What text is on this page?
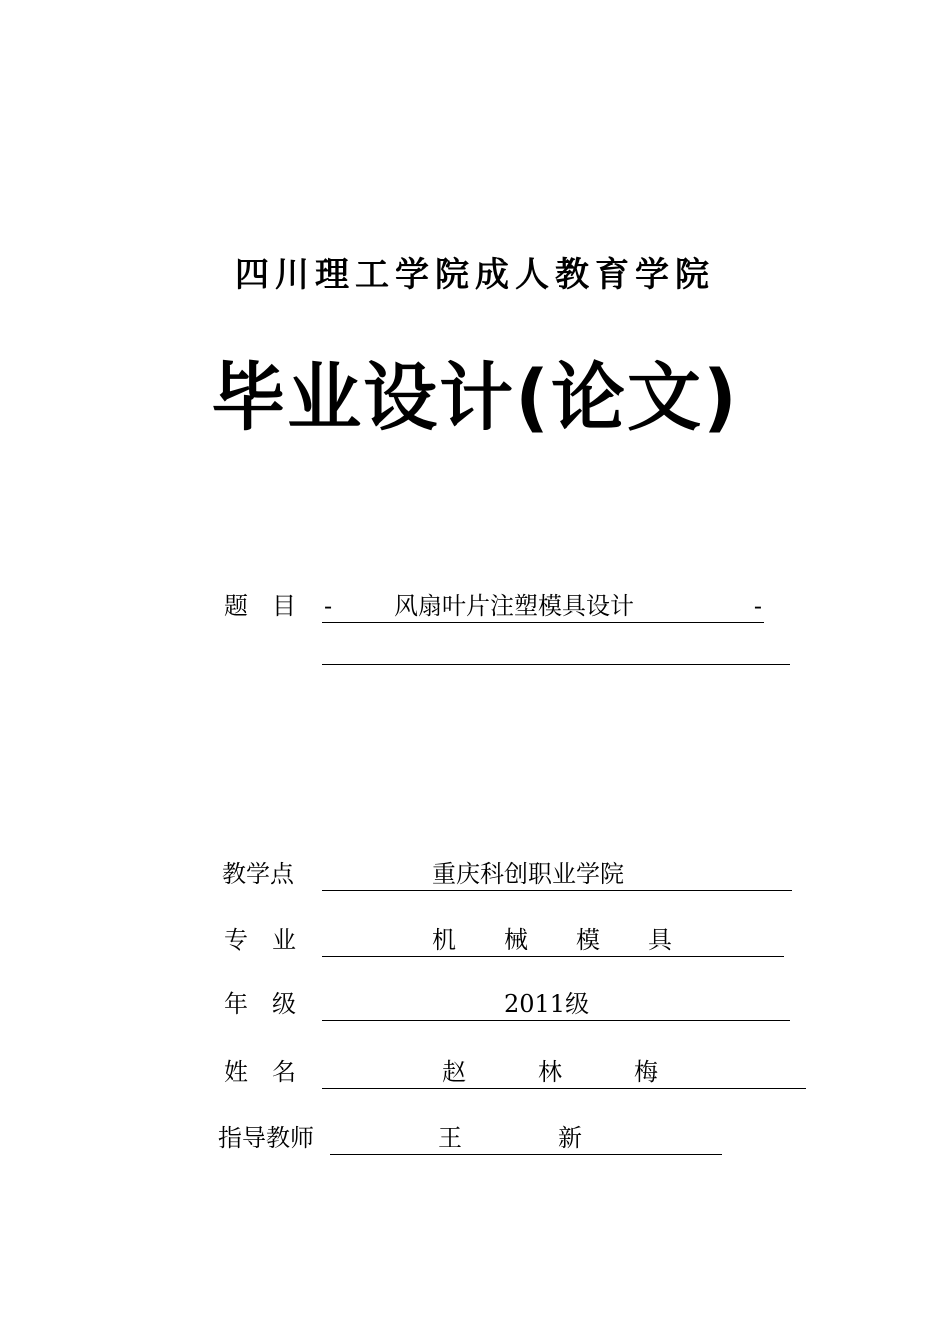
四川理工学院成人教育学院
毕业设计(论文)
题　目 -	风扇叶片注塑模具设计	-
教学点	重庆科创职业学院
专　业	机　　械　　模　　具
年　级	2011级
姓　名	赵　　　林　　　梅
指导教师	王　　　　新
